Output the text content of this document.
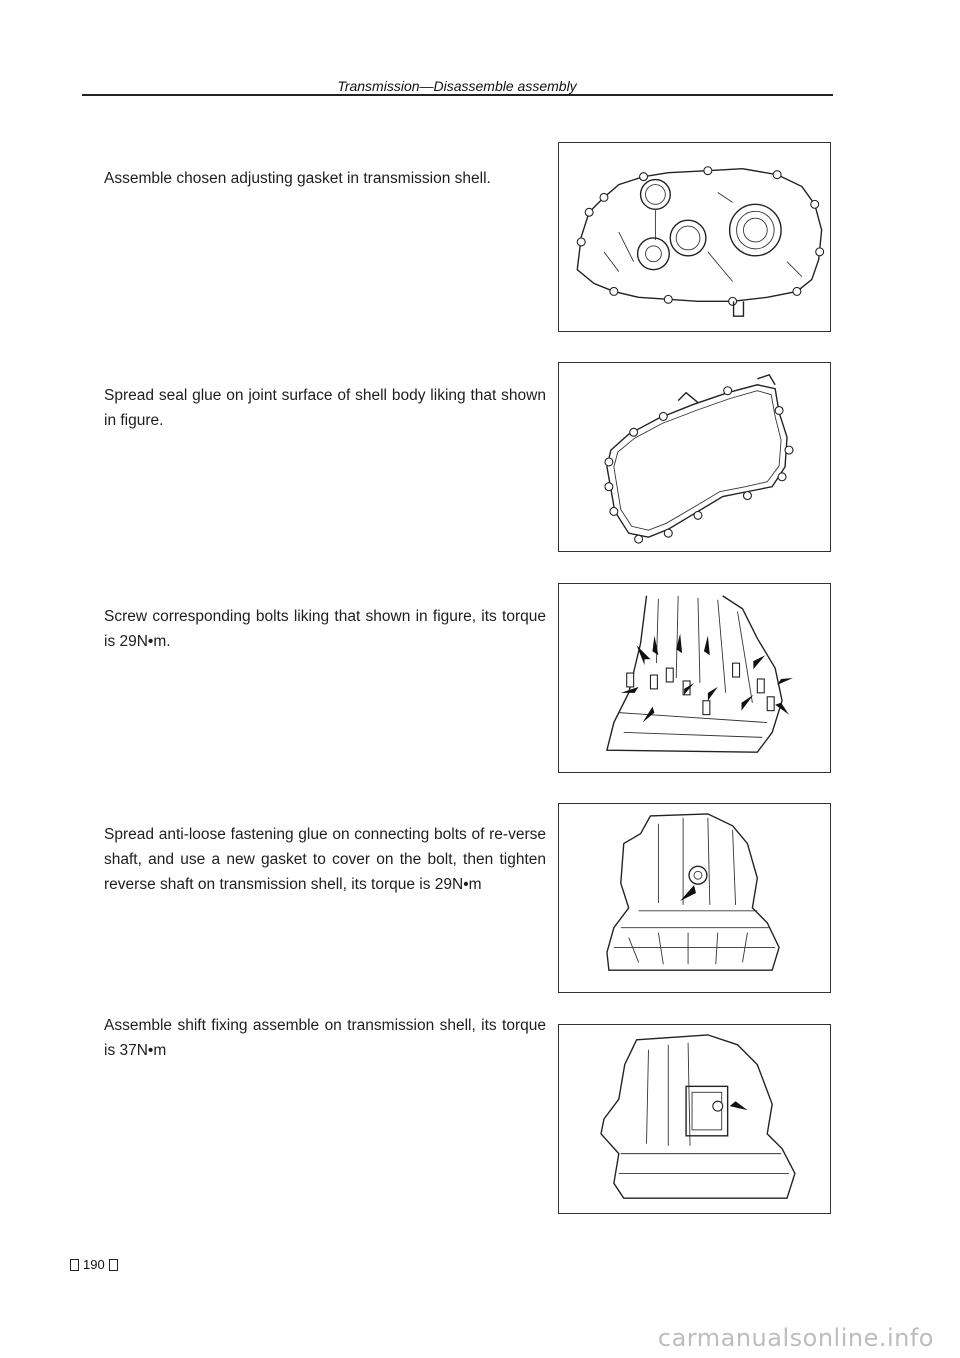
Transmission—Disassemble assembly
Assemble chosen adjusting gasket in transmission shell.
Spread seal glue on joint surface of shell body liking that shown in figure.
Screw corresponding bolts liking that shown in figure, its torque is 29N•m.
Spread anti-loose fastening glue on connecting bolts of re-verse shaft, and use a new gasket to cover on the bolt, then tighten reverse shaft on transmission shell, its torque is 29N•m
Assemble shift fixing assemble on transmission shell, its torque is 37N•m
190
carmanualsonline.info
